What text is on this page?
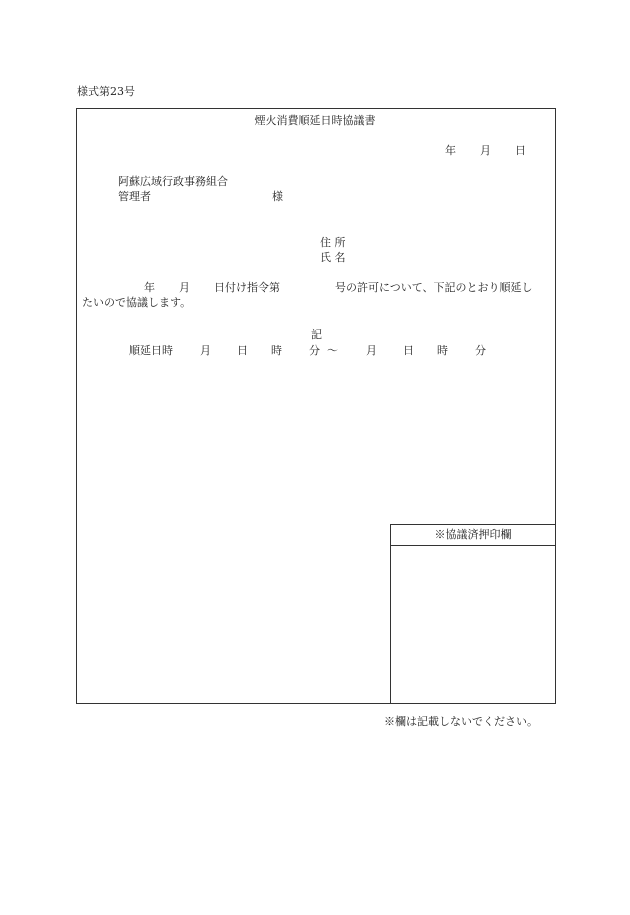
様式第23号
煙火消費順延日時協議書
年 月 日
阿蘇広域行政事務組合
管理者	様
住 所
氏 名
年 月 日付け指令第	号の許可について、下記のとおり順延し
たいので協議します。
記
順延日時 月 日 時 分 ～	月 日 時 分
※協議済押印欄
※欄は記載しないでください。
